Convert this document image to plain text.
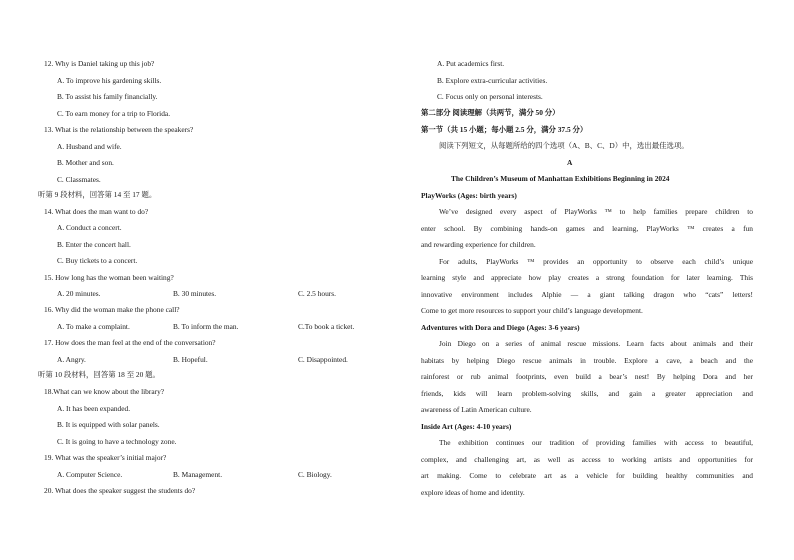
12. Why is Daniel taking up this job?
A. To improve his gardening skills.
B. To assist his family financially.
C. To earn money for a trip to Florida.
13. What is the relationship between the speakers?
A. Husband and wife.
B. Mother and son.
C. Classmates.
听第 9 段材料，回答第 14 至 17 题。
14. What does the man want to do?
A. Conduct a concert.
B. Enter the concert hall.
C. Buy tickets to a concert.
15. How long has the woman been waiting?
A. 20 minutes.	B. 30 minutes.	C. 2.5 hours.
16. Why did the woman make the phone call?
A. To make a complaint.	B. To inform the man.	C.To book a ticket.
17. How does the man feel at the end of the conversation?
A. Angry.	B. Hopeful.	C. Disappointed.
听第 10 段材料，回答第 18 至 20 题。
18.What can we know about the library?
A. It has been expanded.
B. It is equipped with solar panels.
C. It is going to have a technology zone.
19. What was the speaker’s initial major?
A. Computer Science.	B. Management.	C. Biology.
20. What does the speaker suggest the students do?
A. Put academics first.
B. Explore extra-curricular activities.
C. Focus only on personal interests.
第二部分 阅读理解（共两节，满分 50 分）
第一节（共 15 小题；每小题 2.5 分，满分 37.5 分）
阅读下列短文，从每题所给的四个选项（A、B、C、D）中，选出最佳选项。
A
The Children’s Museum of Manhattan Exhibitions Beginning in 2024
PlayWorks (Ages: birth years)
We’ve designed every aspect of PlayWorks ™ to help families prepare children to
enter school. By combining hands-on games and learning, PlayWorks ™ creates a fun
and rewarding experience for children.
For adults, PlayWorks ™ provides an opportunity to observe each child’s unique
learning style and appreciate how play creates a strong foundation for later learning. This
innovative environment includes Alphie — a giant talking dragon who “cats” letters!
Come to get more resources to support your child’s language development.
Adventures with Dora and Diego (Ages: 3-6 years)
Join Diego on a series of animal rescue missions. Learn facts about animals and their
habitats by helping Diego rescue animals in trouble. Explore a cave, a beach and the
rainforest or rub animal footprints, even build a bear’s nest! By helping Dora and her
friends, kids will learn problem-solving skills, and gain a greater appreciation and
awareness of Latin American culture.
Inside Art (Ages: 4-10 years)
The exhibition continues our tradition of providing families with access to beautiful,
complex, and challenging art, as well as access to working artists and opportunities for
art making. Come to celebrate art as a vehicle for building healthy communities and
explore ideas of home and identity.
